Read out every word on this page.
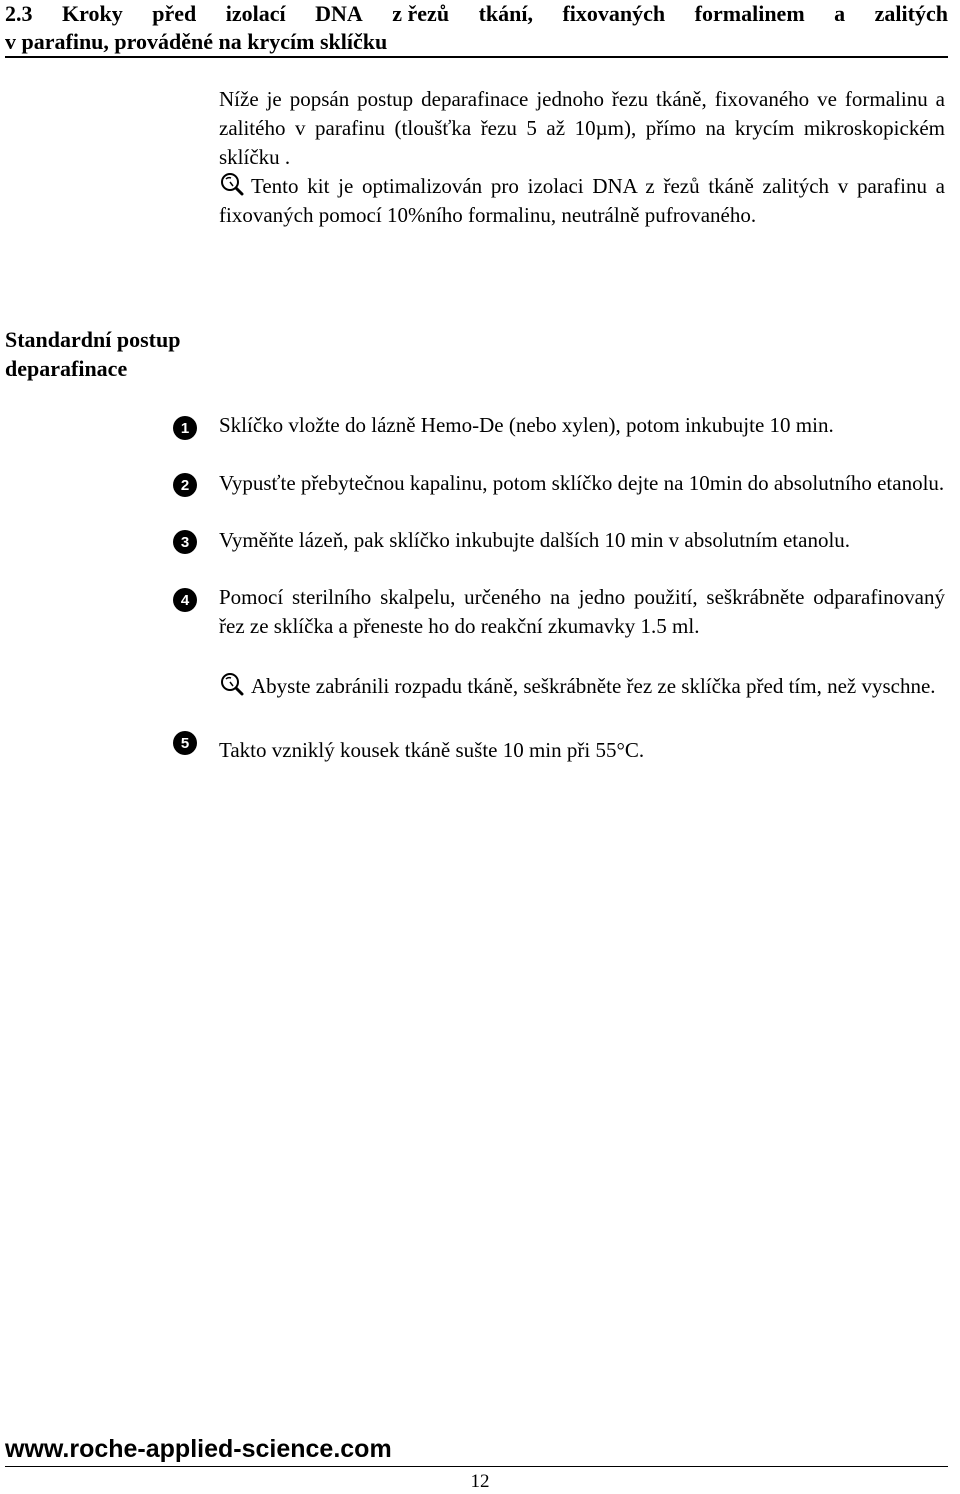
2.3 Kroky před izolací DNA z řezů tkání, fixovaných formalinem a zalitých
v parafinu, prováděné na krycím sklíčku
Níže je popsán postup deparafinace jednoho řezu tkáně, fixovaného ve formalinu a zalitého v parafinu (tloušťka řezu 5 až 10µm), přímo na krycím mikroskopickém sklíčku .
Tento kit je optimalizován pro izolaci DNA z řezů tkáně zalitých v parafinu a fixovaných pomocí 10%ního formalinu, neutrálně pufrovaného.
Standardní postup deparafinace
1	Sklíčko vložte do lázně Hemo-De (nebo xylen), potom inkubujte 10 min.
2	Vypusťte přebytečnou kapalinu, potom sklíčko dejte na 10min do absolutního etanolu.
3	Vyměňte lázeň, pak sklíčko inkubujte dalších 10 min v absolutním etanolu.
4	Pomocí sterilního skalpelu, určeného na jedno použití, seškrábněte odparafinovaný řez ze sklíčka a přeneste ho do reakční zkumavky 1.5 ml.
Abyste zabránili rozpadu tkáně, seškrábněte řez ze sklíčka před tím, než vyschne.
5	Takto vzniklý kousek tkáně sušte 10 min při 55°C.
www.roche-applied-science.com
12
